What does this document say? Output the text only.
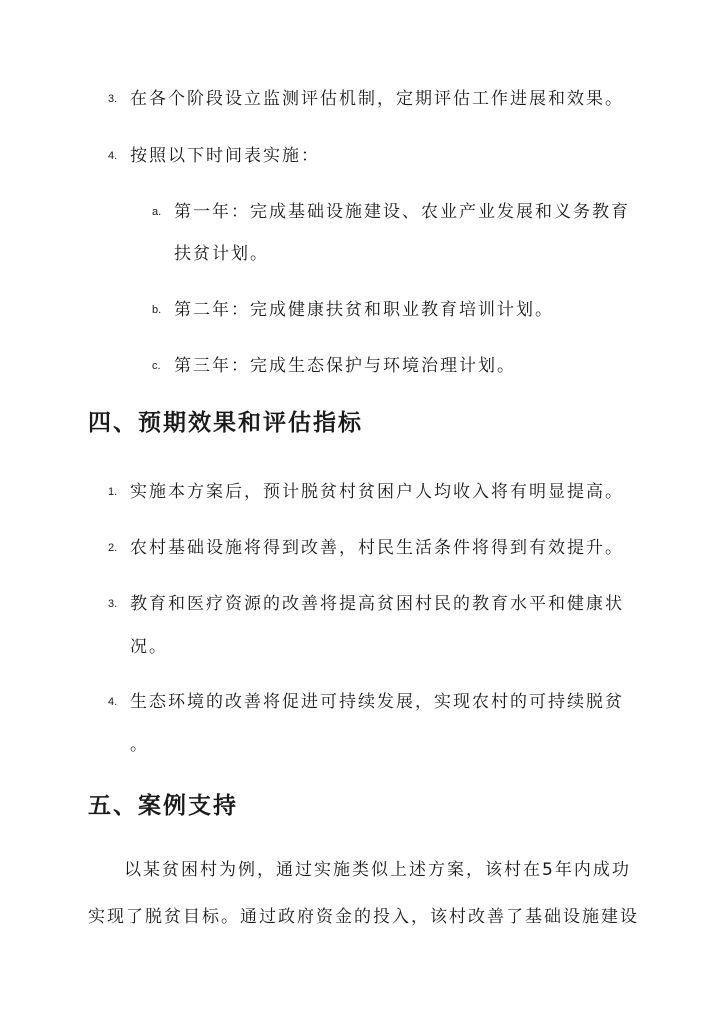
3. 在各个阶段设立监测评估机制，定期评估工作进展和效果。
4. 按照以下时间表实施：
a. 第一年：完成基础设施建设、农业产业发展和义务教育
扶贫计划。
b. 第二年：完成健康扶贫和职业教育培训计划。
c. 第三年：完成生态保护与环境治理计划。
四、预期效果和评估指标
1. 实施本方案后，预计脱贫村贫困户人均收入将有明显提高。
2. 农村基础设施将得到改善，村民生活条件将得到有效提升。
3. 教育和医疗资源的改善将提高贫困村民的教育水平和健康状
况。
4. 生态环境的改善将促进可持续发展，实现农村的可持续脱贫
。
五、案例支持
以某贫困村为例，通过实施类似上述方案，该村在5年内成功
实现了脱贫目标。通过政府资金的投入，该村改善了基础设施建设
